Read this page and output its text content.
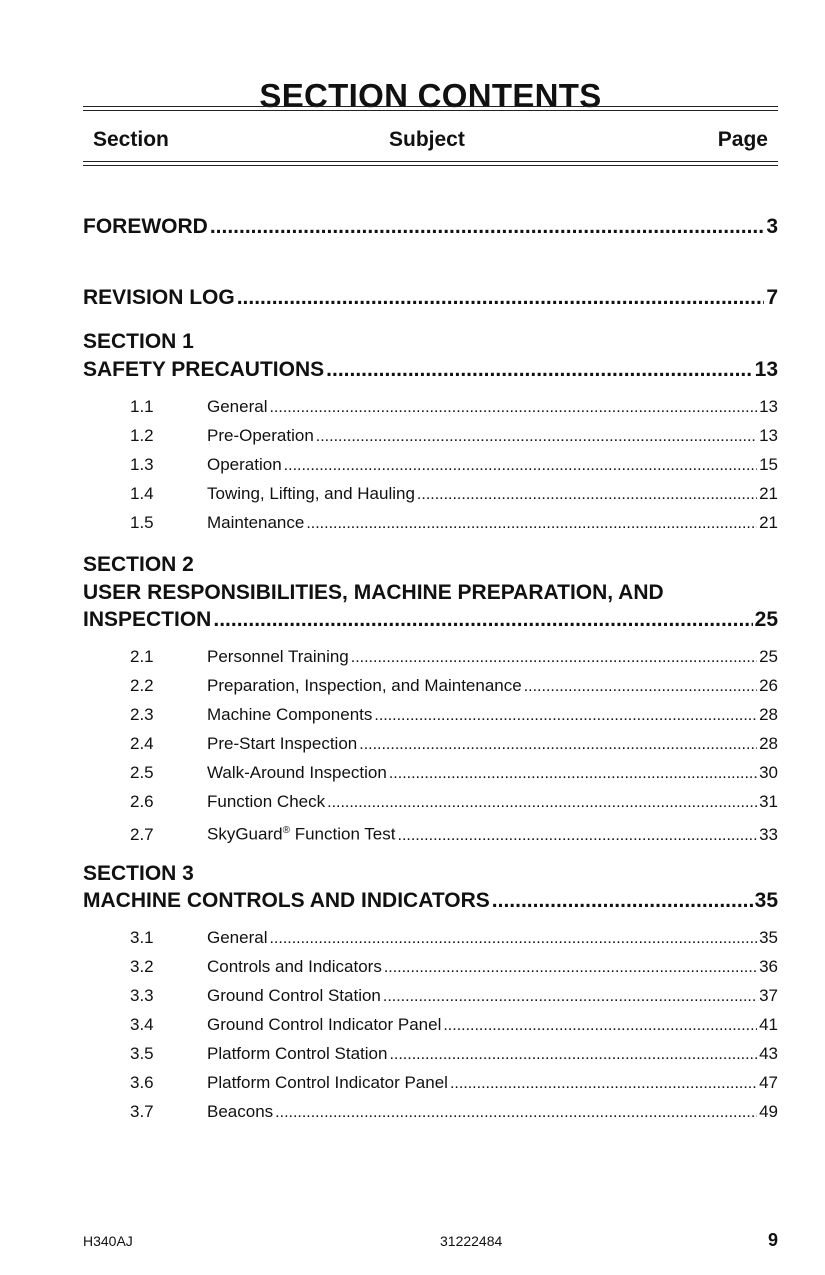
SECTION CONTENTS
Section	Subject	Page
FOREWORD .....	3
REVISION LOG .....	7
SECTION 1
SAFETY PRECAUTIONS .....	13
1.1	General .....	13
1.2	Pre-Operation .....	13
1.3	Operation .....	15
1.4	Towing, Lifting, and Hauling .....	21
1.5	Maintenance .....	21
SECTION 2
USER RESPONSIBILITIES, MACHINE PREPARATION, AND
INSPECTION .....	25
2.1	Personnel Training .....	25
2.2	Preparation, Inspection, and Maintenance .....	26
2.3	Machine Components .....	28
2.4	Pre-Start Inspection .....	28
2.5	Walk-Around Inspection .....	30
2.6	Function Check .....	31
2.7	SkyGuard® Function Test .....	33
SECTION 3
MACHINE CONTROLS AND INDICATORS .....	35
3.1	General .....	35
3.2	Controls and Indicators .....	36
3.3	Ground Control Station .....	37
3.4	Ground Control Indicator Panel .....	41
3.5	Platform Control Station .....	43
3.6	Platform Control Indicator Panel .....	47
3.7	Beacons .....	49
H340AJ	31222484	9
